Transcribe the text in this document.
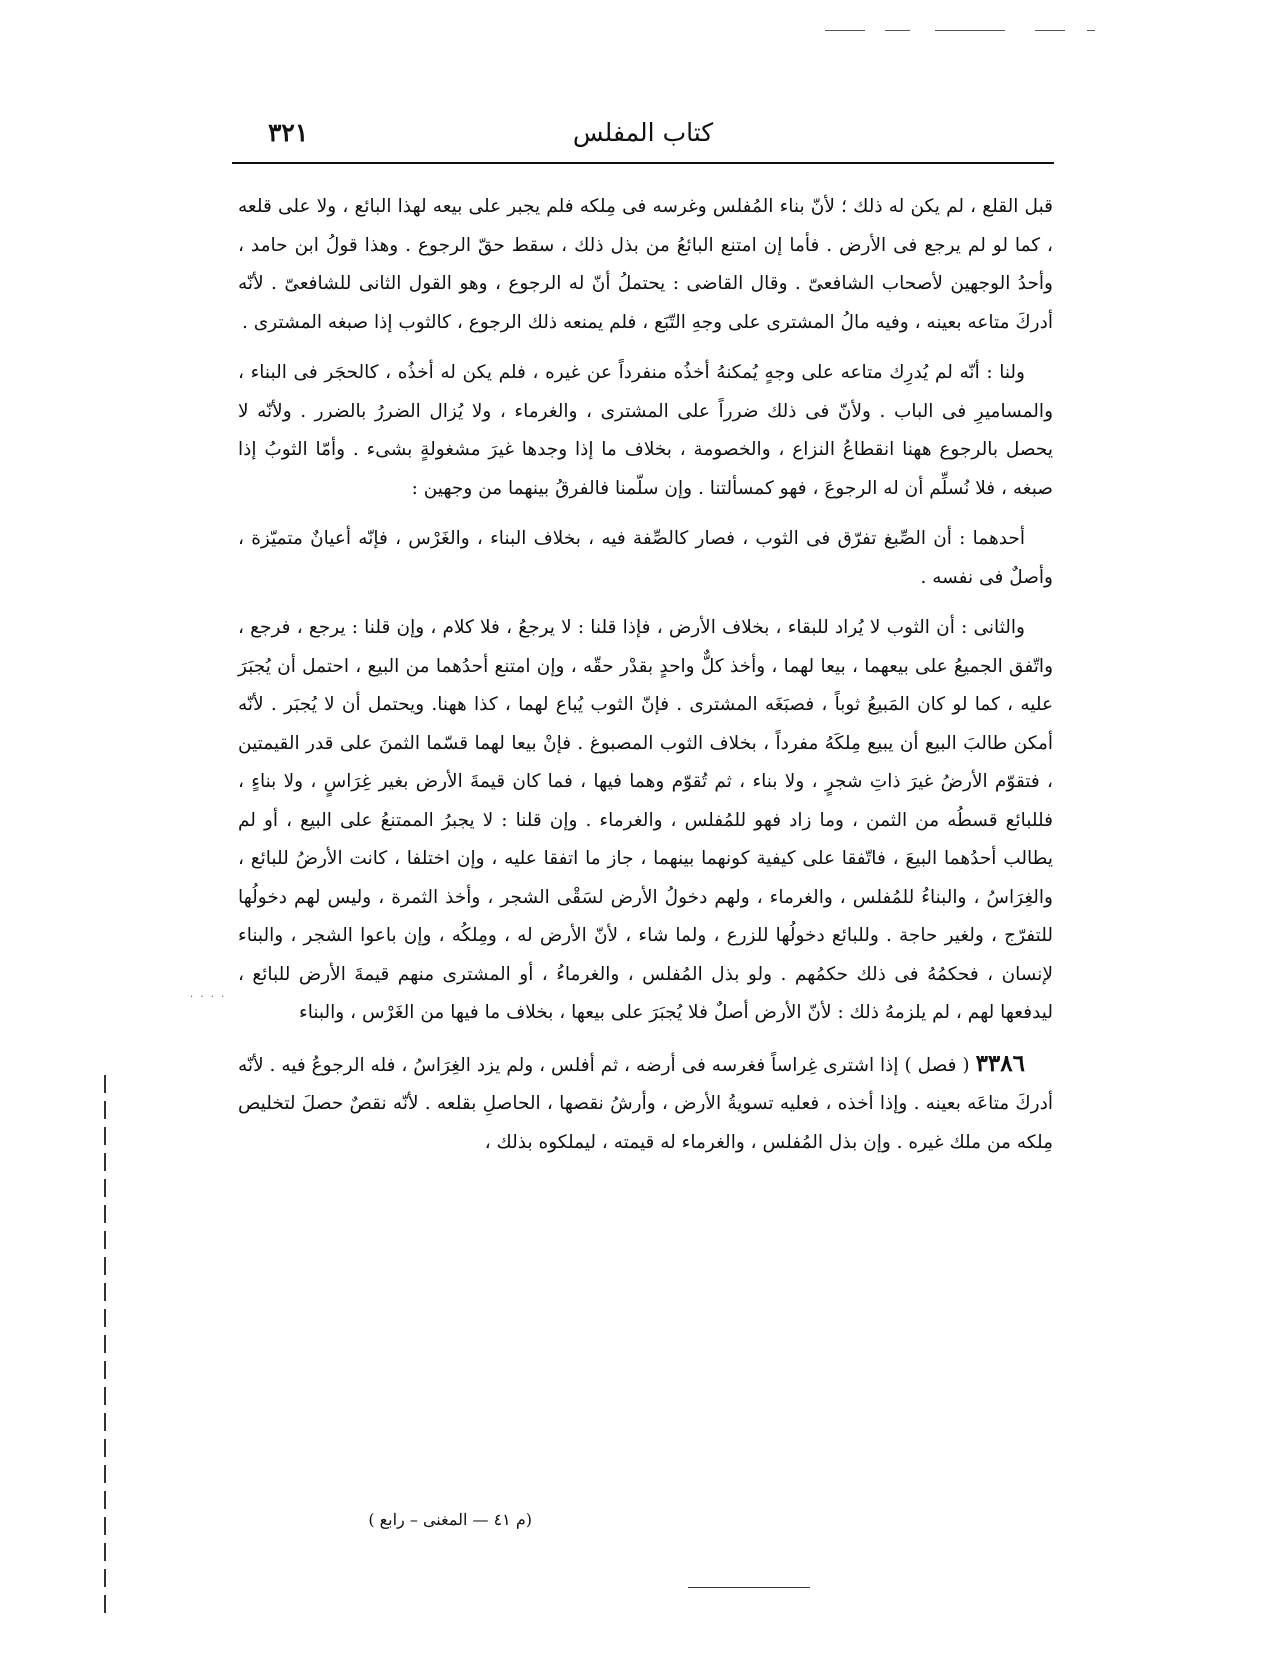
كتاب المفلس
٣٢١

قبل القلع ، لم يكن له ذلك ؛ لأنّ بناء المُفلس وغرسه فى مِلكه فلم يجبر على بيعه لهذا البائع ، ولا على قلعه ، كما لو لم يرجع فى الأرض . فأما إن امتنع البائعُ من بذل ذلك ، سقط حقّ الرجوع . وهذا قولُ ابن حامد ، وأحدُ الوجهين لأصحاب الشافعىّ . وقال القاضى : يحتملُ أنّ له الرجوع ، وهو القول الثانى للشافعىّ . لأنّه أدركَ متاعه بعينه ، وفيه مالُ المشترى على وجهِ التّبَع ، فلم يمنعه ذلك الرجوع ، كالثوب إذا صبغه المشترى .

ولنا : أنّه لم يُدرِك متاعه على وجهٍ يُمكنهُ أخذُه منفرداً عن غيره ، فلم يكن له أخذُه ، كالحجَر فى البناء ، والمساميرِ فى الباب . ولأنّ فى ذلك ضرراً على المشترى ، والغرماء ، ولا يُزال الضررُ بالضرر . ولأنّه لا يحصل بالرجوع ههنا انقطاعُ النزاع ، والخصومة ، بخلاف ما إذا وجدها غيرَ مشغولةٍ بشىء . وأمّا الثوبُ إذا صبغه ، فلا نُسلِّم أن له الرجوعَ ، فهو كمسألتنا . وإن سلّمنا فالفرقُ بينهما من وجهين :

أحدهما : أن الصِّبغ تفرّق فى الثوب ، فصار كالصِّفة فيه ، بخلاف البناء ، والغَرْس ، فإنّه أعيانٌ متميّزة ، وأصلٌ فى نفسه .

والثانى : أن الثوب لا يُراد للبقاء ، بخلاف الأرض ، فإذا قلنا : لا يرجعُ ، فلا كلام ، وإن قلنا : يرجع ، فرجع ، واتّفق الجميعُ على بيعهما ، بيعا لهما ، وأخذ كلٌّ واحدٍ بقدْر حقّه ، وإن امتنع أحدُهما من البيع ، احتمل أن يُجبَرَ عليه ، كما لو كان المَبيعُ ثوباً ، فصبَغَه المشترى . فإنّ الثوب يُباع لهما ، كذا ههنا. ويحتمل أن لا يُجبَر . لأنّه أمكن طالبَ البيع أن يبيع مِلكَهُ مفرداً ، بخلاف الثوب المصبوغ . فإنْ بيعا لهما قسّما الثمنَ على قدر القيمتين ، فتقوّم الأرضُ غيرَ ذاتِ شجرٍ ، ولا بناء ، ثم تُقوّم وهما فيها ، فما كان قيمةَ الأرض بغير غِرَاسٍ ، ولا بناءٍ ، فللبائع قسطُه من الثمن ، وما زاد فهو للمُفلس ، والغرماء . وإن قلنا : لا يجبرُ الممتنعُ على البيع ، أو لم يطالب أحدُهما البيعَ ، فاتّفقا على كيفية كونهما بينهما ، جاز ما اتفقا عليه ، وإن اختلفا ، كانت الأرضُ للبائع ، والغِرَاسُ ، والبناءُ للمُفلس ، والغرماء ، ولهم دخولُ الأرض لسَقْى الشجر ، وأخذ الثمرة ، وليس لهم دخولُها للتفرّج ، ولغير حاجة . وللبائع دخولُها للزرع ، ولما شاء ، لأنّ الأرض له ، ومِلكُه ، وإن باعوا الشجر ، والبناء لإنسان ، فحكمُهُ فى ذلك حكمُهم . ولو بذل المُفلس ، والغرماءُ ، أو المشترى منهم قيمةَ الأرض للبائع ، ليدفعها لهم ، لم يلزمهُ ذلك : لأنّ الأرض أصلٌ فلا يُجبَرَ على بيعها ، بخلاف ما فيها من الغَرْس ، والبناء

٣٣٨٦ ( فصل ) إذا اشترى غِراساً فغرسه فى أرضه ، ثم أفلس ، ولم يزد الغِرَاسُ ، فله الرجوعُ فيه . لأنّه أدركَ متاعَه بعينه . وإذا أخذه ، فعليه تسويةُ الأرض ، وأرشُ نقصها ، الحاصلِ بقلعه . لأنّه نقصٌ حصلَ لتخليص مِلكه من ملك غيره . وإن بذل المُفلس ، والغرماء له قيمته ، ليملكوه بذلك ،

(م ٤١ — المغنى – رابع )
· · · ·
